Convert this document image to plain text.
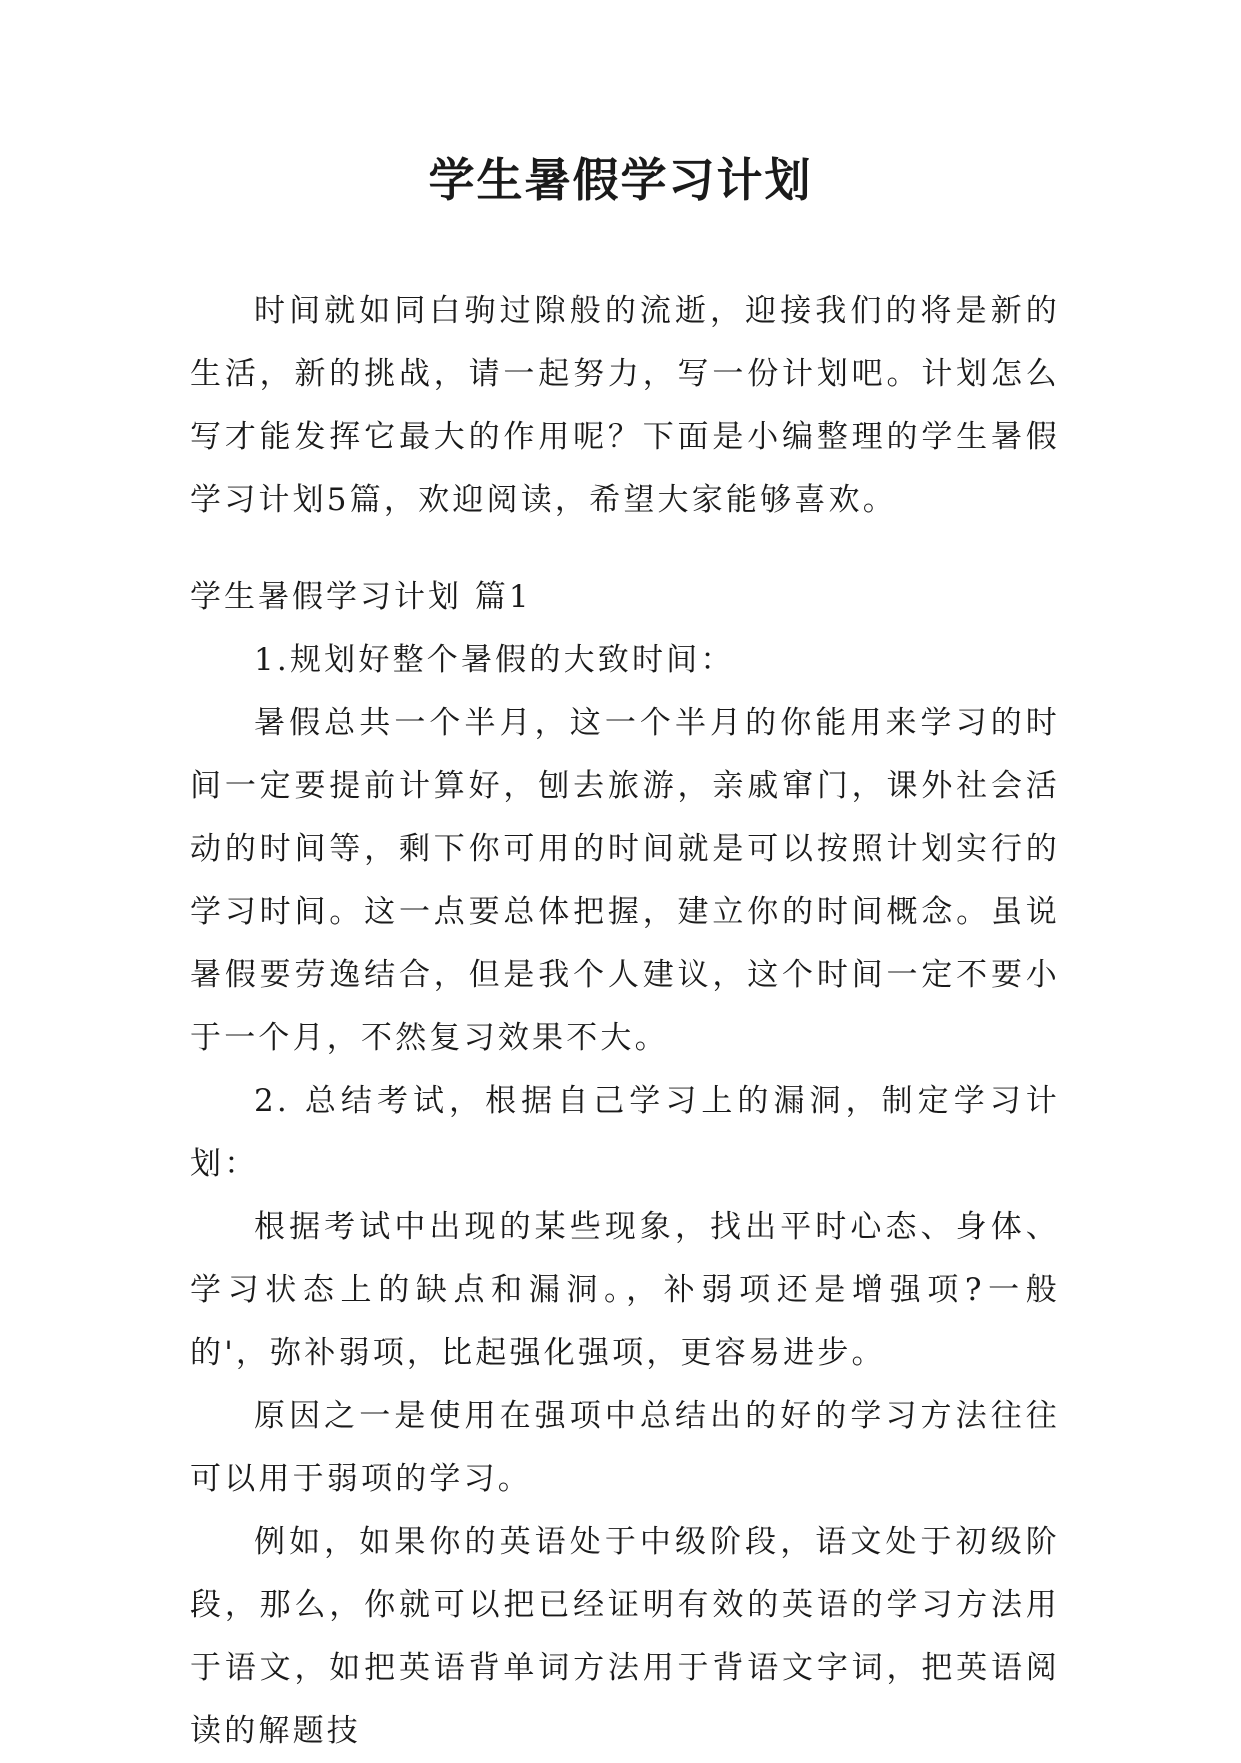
学生暑假学习计划

时间就如同白驹过隙般的流逝，迎接我们的将是新的生活，新的挑战，请一起努力，写一份计划吧。计划怎么写才能发挥它最大的作用呢？下面是小编整理的学生暑假学习计划5篇，欢迎阅读，希望大家能够喜欢。

学生暑假学习计划 篇1

1.规划好整个暑假的大致时间：

暑假总共一个半月，这一个半月的你能用来学习的时间一定要提前计算好，刨去旅游，亲戚窜门，课外社会活动的时间等，剩下你可用的时间就是可以按照计划实行的学习时间。这一点要总体把握，建立你的时间概念。虽说暑假要劳逸结合，但是我个人建议，这个时间一定不要小于一个月，不然复习效果不大。

2. 总结考试，根据自己学习上的漏洞，制定学习计划：

根据考试中出现的某些现象，找出平时心态、身体、学习状态上的缺点和漏洞。，补弱项还是增强项?一般的'，弥补弱项，比起强化强项，更容易进步。

原因之一是使用在强项中总结出的好的学习方法往往可以用于弱项的学习。

例如，如果你的英语处于中级阶段，语文处于初级阶段，那么，你就可以把已经证明有效的英语的学习方法用于语文，如把英语背单词方法用于背语文字词，把英语阅读的解题技
